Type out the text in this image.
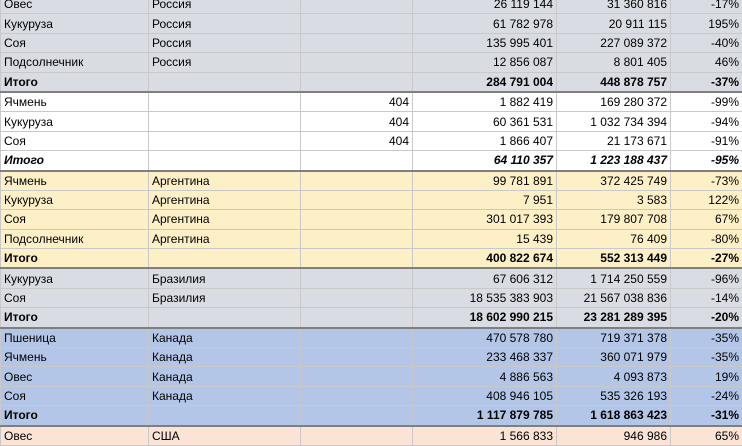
Овес	Россия		26 119 144	31 360 816	-17%
Кукуруза	Россия		61 782 978	20 911 115	195%
Соя	Россия		135 995 401	227 089 372	-40%
Подсолнечник	Россия		12 856 087	8 801 405	46%
Итого			284 791 004	448 878 757	-37%
Ячмень		404	1 882 419	169 280 372	-99%
Кукуруза		404	60 361 531	1 032 734 394	-94%
Соя		404	1 866 407	21 173 671	-91%
Итого			64 110 357	1 223 188 437	-95%
Ячмень	Аргентина		99 781 891	372 425 749	-73%
Кукуруза	Аргентина		7 951	3 583	122%
Соя	Аргентина		301 017 393	179 807 708	67%
Подсолнечник	Аргентина		15 439	76 409	-80%
Итого			400 822 674	552 313 449	-27%
Кукуруза	Бразилия		67 606 312	1 714 250 559	-96%
Соя	Бразилия		18 535 383 903	21 567 038 836	-14%
Итого			18 602 990 215	23 281 289 395	-20%
Пшеница	Канада		470 578 780	719 371 378	-35%
Ячмень	Канада		233 468 337	360 071 979	-35%
Овес	Канада		4 886 563	4 093 873	19%
Соя	Канада		408 946 105	535 326 193	-24%
Итого			1 117 879 785	1 618 863 423	-31%
Овес	США		1 566 833	946 986	65%
